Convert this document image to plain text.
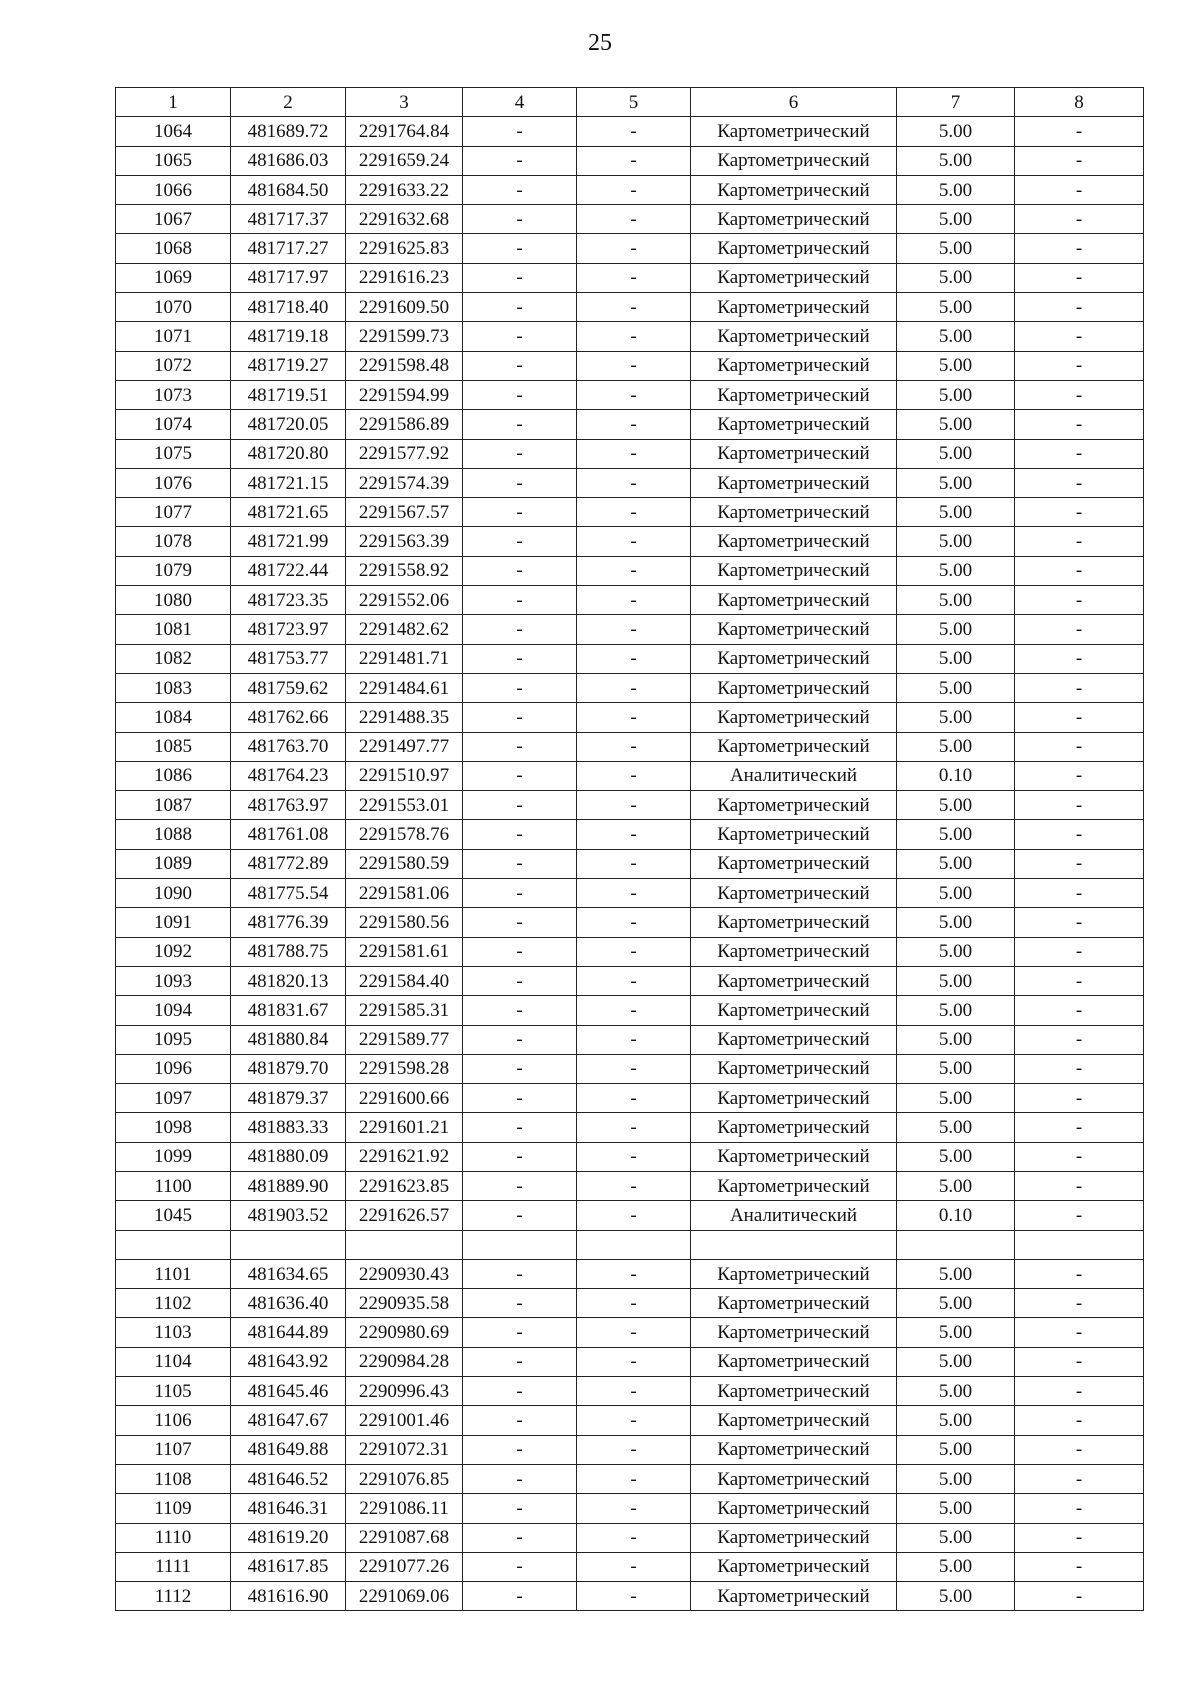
25
1	2	3	4	5	6	7	8
1064	481689.72	2291764.84	-	-	Картометрический	5.00	-
1065	481686.03	2291659.24	-	-	Картометрический	5.00	-
1066	481684.50	2291633.22	-	-	Картометрический	5.00	-
1067	481717.37	2291632.68	-	-	Картометрический	5.00	-
1068	481717.27	2291625.83	-	-	Картометрический	5.00	-
1069	481717.97	2291616.23	-	-	Картометрический	5.00	-
1070	481718.40	2291609.50	-	-	Картометрический	5.00	-
1071	481719.18	2291599.73	-	-	Картометрический	5.00	-
1072	481719.27	2291598.48	-	-	Картометрический	5.00	-
1073	481719.51	2291594.99	-	-	Картометрический	5.00	-
1074	481720.05	2291586.89	-	-	Картометрический	5.00	-
1075	481720.80	2291577.92	-	-	Картометрический	5.00	-
1076	481721.15	2291574.39	-	-	Картометрический	5.00	-
1077	481721.65	2291567.57	-	-	Картометрический	5.00	-
1078	481721.99	2291563.39	-	-	Картометрический	5.00	-
1079	481722.44	2291558.92	-	-	Картометрический	5.00	-
1080	481723.35	2291552.06	-	-	Картометрический	5.00	-
1081	481723.97	2291482.62	-	-	Картометрический	5.00	-
1082	481753.77	2291481.71	-	-	Картометрический	5.00	-
1083	481759.62	2291484.61	-	-	Картометрический	5.00	-
1084	481762.66	2291488.35	-	-	Картометрический	5.00	-
1085	481763.70	2291497.77	-	-	Картометрический	5.00	-
1086	481764.23	2291510.97	-	-	Аналитический	0.10	-
1087	481763.97	2291553.01	-	-	Картометрический	5.00	-
1088	481761.08	2291578.76	-	-	Картометрический	5.00	-
1089	481772.89	2291580.59	-	-	Картометрический	5.00	-
1090	481775.54	2291581.06	-	-	Картометрический	5.00	-
1091	481776.39	2291580.56	-	-	Картометрический	5.00	-
1092	481788.75	2291581.61	-	-	Картометрический	5.00	-
1093	481820.13	2291584.40	-	-	Картометрический	5.00	-
1094	481831.67	2291585.31	-	-	Картометрический	5.00	-
1095	481880.84	2291589.77	-	-	Картометрический	5.00	-
1096	481879.70	2291598.28	-	-	Картометрический	5.00	-
1097	481879.37	2291600.66	-	-	Картометрический	5.00	-
1098	481883.33	2291601.21	-	-	Картометрический	5.00	-
1099	481880.09	2291621.92	-	-	Картометрический	5.00	-
1100	481889.90	2291623.85	-	-	Картометрический	5.00	-
1045	481903.52	2291626.57	-	-	Аналитический	0.10	-

1101	481634.65	2290930.43	-	-	Картометрический	5.00	-
1102	481636.40	2290935.58	-	-	Картометрический	5.00	-
1103	481644.89	2290980.69	-	-	Картометрический	5.00	-
1104	481643.92	2290984.28	-	-	Картометрический	5.00	-
1105	481645.46	2290996.43	-	-	Картометрический	5.00	-
1106	481647.67	2291001.46	-	-	Картометрический	5.00	-
1107	481649.88	2291072.31	-	-	Картометрический	5.00	-
1108	481646.52	2291076.85	-	-	Картометрический	5.00	-
1109	481646.31	2291086.11	-	-	Картометрический	5.00	-
1110	481619.20	2291087.68	-	-	Картометрический	5.00	-
1111	481617.85	2291077.26	-	-	Картометрический	5.00	-
1112	481616.90	2291069.06	-	-	Картометрический	5.00	-
